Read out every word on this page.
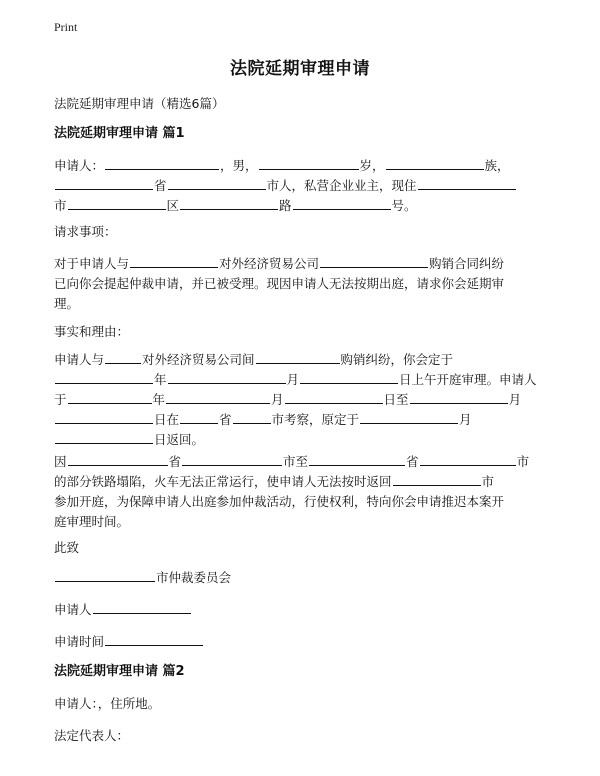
Print
法院延期审理申请
法院延期审理申请（精选6篇）
法院延期审理申请 篇1
申请人：	，男，	岁，	族，
省	市人，私营企业业主，现住
市	区	路	号。
请求事项：
对于申请人与	对外经济贸易公司	购销合同纠纷
已向你会提起仲裁申请，并已被受理。现因申请人无法按期出庭，请求你会延期审
理。
事实和理由：
申请人与	对外经济贸易公司间	购销纠纷，你会定于
年	月	日上午开庭审理。申请人
于	年	月	日至	月
日在	省	市考察，原定于	月
日返回。
因	省	市至	省	市
的部分铁路塌陷，火车无法正常运行，使申请人无法按时返回	市
参加开庭，为保障申请人出庭参加仲裁活动，行使权利，特向你会申请推迟本案开
庭审理时间。
此致
市仲裁委员会
申请人
申请时间
法院延期审理申请 篇2
申请人：，住所地。
法定代表人：
